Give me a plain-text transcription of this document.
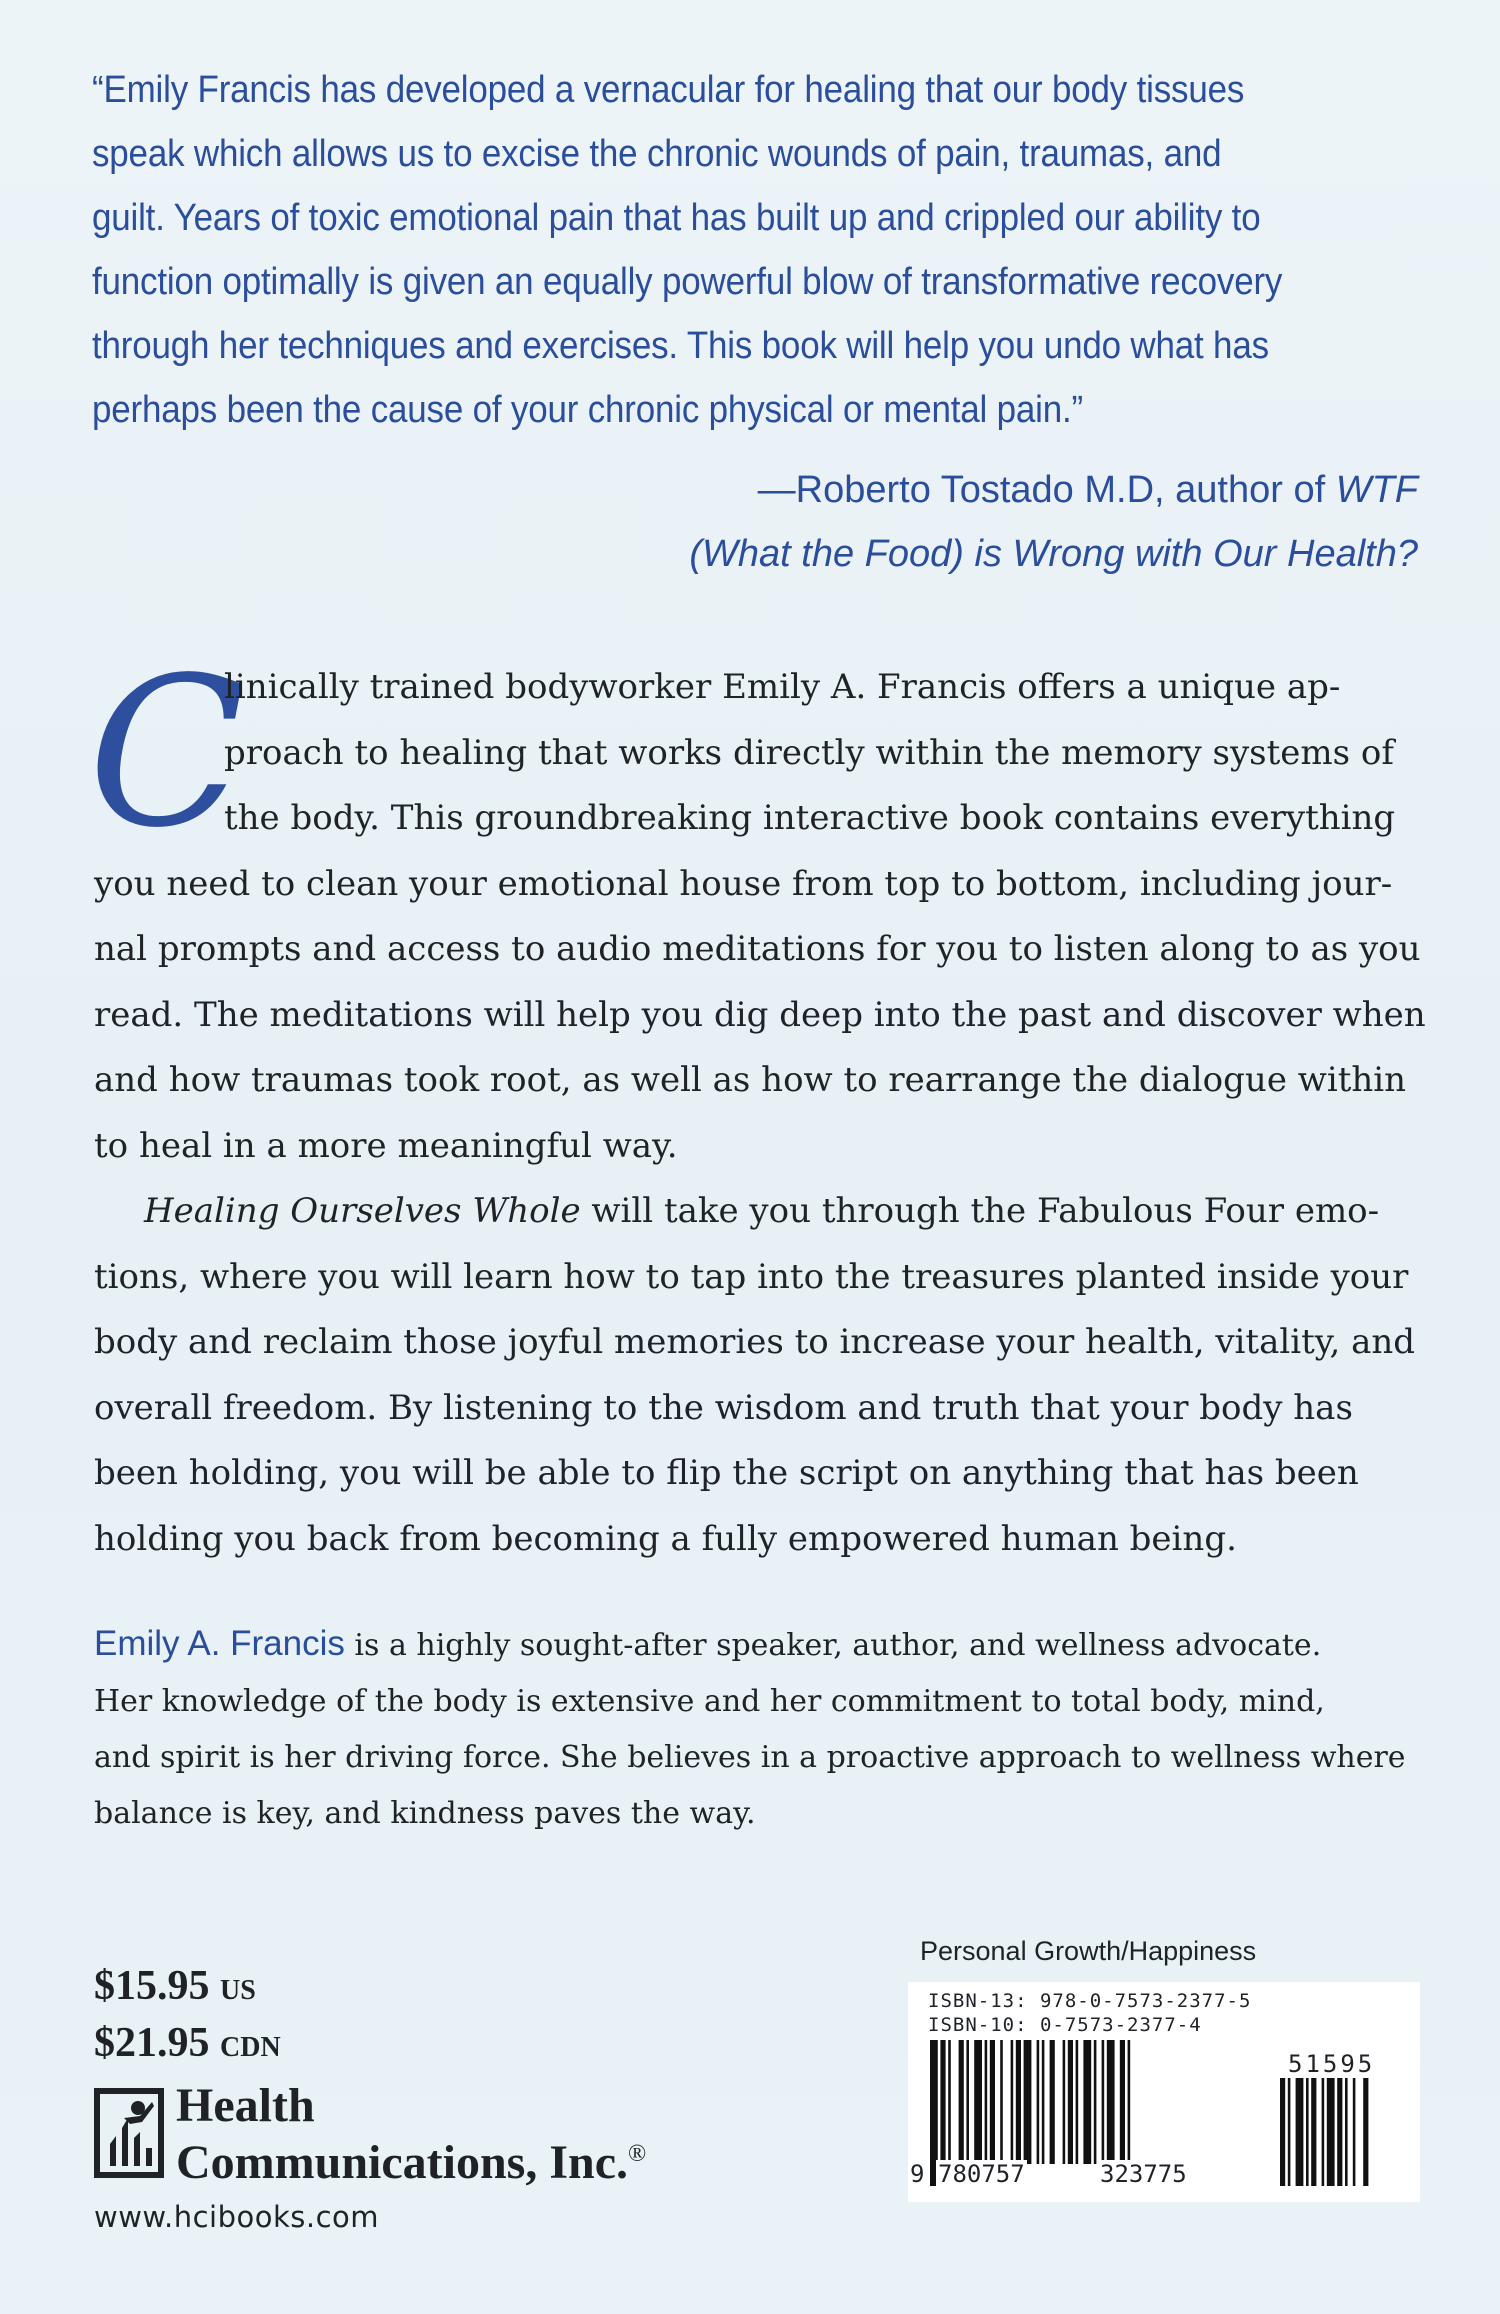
“Emily Francis has developed a vernacular for healing that our body tissues
speak which allows us to excise the chronic wounds of pain, traumas, and
guilt. Years of toxic emotional pain that has built up and crippled our ability to
function optimally is given an equally powerful blow of transformative recovery
through her techniques and exercises. This book will help you undo what has
perhaps been the cause of your chronic physical or mental pain.”
—Roberto Tostado M.D, author of WTF
(What the Food) is Wrong with Our Health?
C
linically trained bodyworker Emily A. Francis offers a unique ap-
proach to healing that works directly within the memory systems of
the body. This groundbreaking interactive book contains everything
you need to clean your emotional house from top to bottom, including jour-
nal prompts and access to audio meditations for you to listen along to as you
read. The meditations will help you dig deep into the past and discover when
and how traumas took root, as well as how to rearrange the dialogue within
to heal in a more meaningful way.
Healing Ourselves Whole will take you through the Fabulous Four emo-
tions, where you will learn how to tap into the treasures planted inside your
body and reclaim those joyful memories to increase your health, vitality, and
overall freedom. By listening to the wisdom and truth that your body has
been holding, you will be able to flip the script on anything that has been
holding you back from becoming a fully empowered human being.
Emily A. Francis is a highly sought-after speaker, author, and wellness advocate.
Her knowledge of the body is extensive and her commitment to total body, mind,
and spirit is her driving force. She believes in a proactive approach to wellness where
balance is key, and kindness paves the way.
$15.95 US
$21.95 CDN
Health
Communications, Inc.®
www.hcibooks.com
Personal Growth/Happiness
ISBN-13: 978-0-7573-2377-5
ISBN-10: 0-7573-2377-4
51595
9 780757	323775
